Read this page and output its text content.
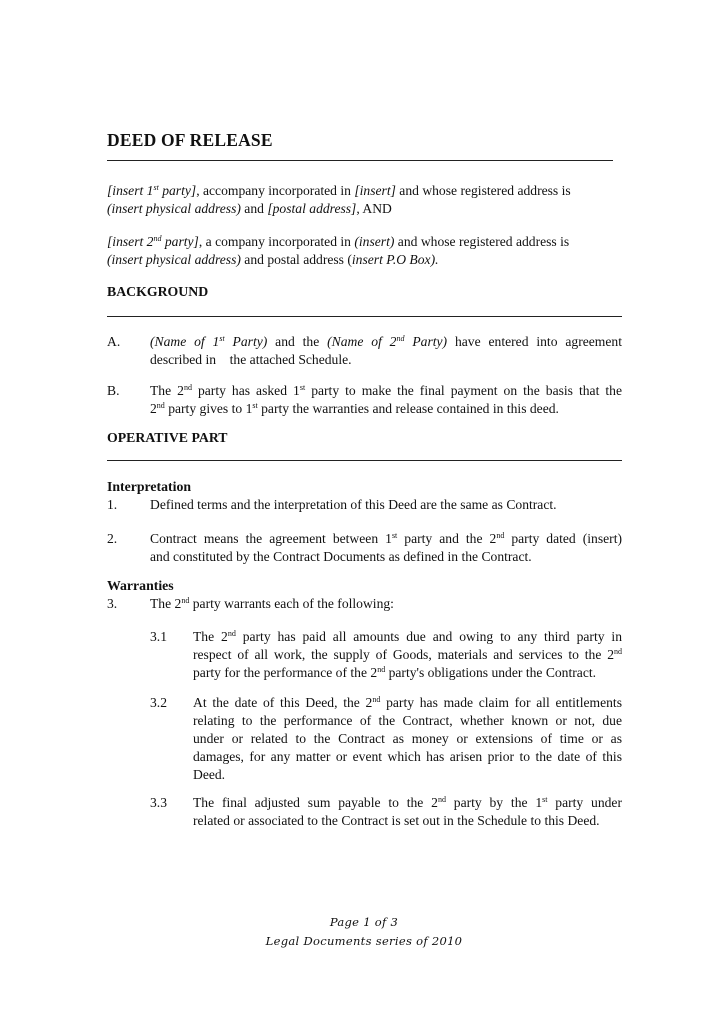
DEED OF RELEASE
[insert 1st party], accompany incorporated in [insert] and whose registered address is
(insert physical address) and [postal address], AND
[insert 2nd party], a company incorporated in (insert) and whose registered address is
(insert physical address) and postal address (insert P.O Box).
BACKGROUND
A. (Name of 1st Party) and the (Name of 2nd Party) have entered into agreement
described in    the attached Schedule.
B. The 2nd party has asked 1st party to make the final payment on the basis that the
2nd party gives to 1st party the warranties and release contained in this deed.
OPERATIVE PART
Interpretation
1. Defined terms and the interpretation of this Deed are the same as Contract.
2. Contract means the agreement between 1st party and the 2nd party dated (insert)
and constituted by the Contract Documents as defined in the Contract.
Warranties
3. The 2nd party warrants each of the following:
3.1 The 2nd party has paid all amounts due and owing to any third party in
respect of all work, the supply of Goods, materials and services to the 2nd
party for the performance of the 2nd party's obligations under the Contract.
3.2 At the date of this Deed, the 2nd party has made claim for all entitlements
relating to the performance of the Contract, whether known or not, due
under or related to the Contract as money or extensions of time or as
damages, for any matter or event which has arisen prior to the date of this
Deed.
3.3 The final adjusted sum payable to the 2nd party by the 1st party under
related or associated to the Contract is set out in the Schedule to this Deed.
Page 1 of 3
Legal Documents series of 2010
